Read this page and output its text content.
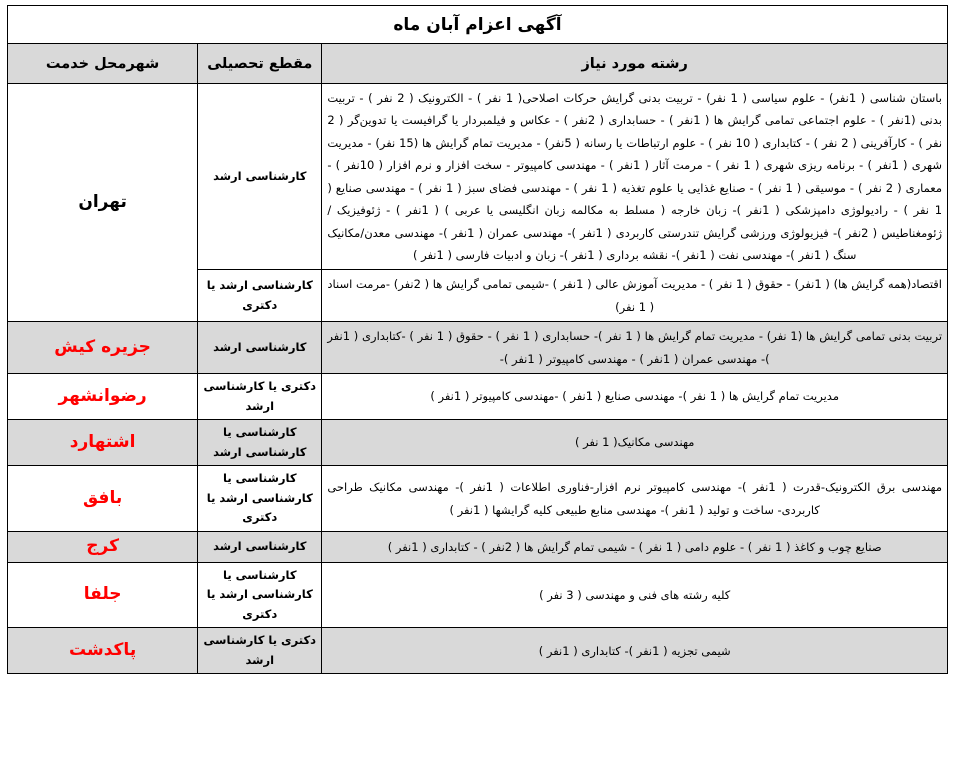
آگهی اعزام آبان ماه		
رشته مورد نیاز	مقطع تحصیلی	شهرمحل خدمت
باستان شناسی ( 1نفر) - علوم سیاسی ( 1 نفر) - تربیت بدنی گرایش حرکات اصلاحی( 1 نفر ) - الکترونیک ( 2 نفر ) - تربیت بدنی (1نفر ) - علوم اجتماعی تمامی گرایش ها ( 1نفر ) - حسابداری ( 2نفر ) - عکاس و فیلمبردار یا گرافیست یا تدوین‌گر ( 2 نفر ) - کارآفرینی ( 2 نفر ) - کتابداری ( 10 نفر ) - علوم ارتباطات یا رسانه ( 5نفر) - مدیریت تمام گرایش ها (15 نفر) - مدیریت شهری ( 1نفر ) - برنامه ریزی شهری ( 1 نفر ) - مرمت آثار ( 1نفر ) - مهندسی کامپیوتر - سخت افزار و نرم افزار ( 10نفر ) - معماری ( 2 نفر ) - موسیقی ( 1 نفر ) - صنایع غذایی یا علوم تغذیه ( 1 نفر ) - مهندسی فضای سبز ( 1 نفر ) - مهندسی صنایع ( 1 نفر ) - رادیولوژی دامپزشکی ( 1نفر )- زبان خارجه ( مسلط به مکالمه زبان انگلیسی یا عربی ) ( 1نفر ) - ژئوفیزیک / ژئومغناطیس ( 2نفر )- فیزیولوژی ورزشی گرایش تندرستی کاربردی ( 1نفر )- مهندسی عمران ( 1نفر )- مهندسی معدن/مکانیک سنگ ( 1نفر )- مهندسی نفت ( 1نفر )- نقشه برداری ( 1نفر )- زبان و ادبیات فارسی ( 1نفر )	کارشناسی ارشد	تهران
اقتصاد(همه گرایش ها) ( 1نفر) - حقوق ( 1 نفر ) - مدیریت آموزش عالی ( 1نفر ) -شیمی تمامی گرایش ها ( 2نفر) -مرمت اسناد ( 1 نفر)	کارشناسی ارشد یا دکتری	
تربیت بدنی تمامی گرایش ها (1 نفر) - مدیریت تمام گرایش ها ( 1 نفر )- حسابداری ( 1 نفر ) - حقوق ( 1 نفر ) -کتابداری ( 1نفر )- مهندسی عمران ( 1نفر ) - مهندسی کامپیوتر ( 1نفر )-	کارشناسی ارشد	جزیره کیش
مدیریت تمام گرایش ها ( 1 نفر )- مهندسی صنایع ( 1نفر ) -مهندسی کامپیوتر ( 1نفر )	دکتری یا کارشناسی ارشد	رضوانشهر
مهندسی مکانیک( 1 نفر )	کارشناسی یا کارشناسی ارشد	اشتهارد
مهندسی برق الکترونیک-قدرت ( 1نفر )- مهندسی کامپیوتر نرم افزار-فناوری اطلاعات ( 1نفر )- مهندسی مکانیک طراحی کاربردی- ساخت و تولید ( 1نفر )- مهندسی منابع طبیعی کلیه گرایشها ( 1نفر )	کارشناسی یا کارشناسی ارشد یا دکتری	بافق
صنایع چوب و کاغذ ( 1 نفر ) - علوم دامی ( 1 نفر ) - شیمی تمام گرایش ها ( 2نفر ) - کتابداری ( 1نفر )	کارشناسی ارشد	کرج
کلیه رشته های فنی و مهندسی ( 3 نفر )	کارشناسی یا کارشناسی ارشد یا دکتری	جلفا
شیمی تجزیه ( 1نفر )- کتابداری ( 1نفر )	دکتری یا کارشناسی ارشد	پاکدشت
